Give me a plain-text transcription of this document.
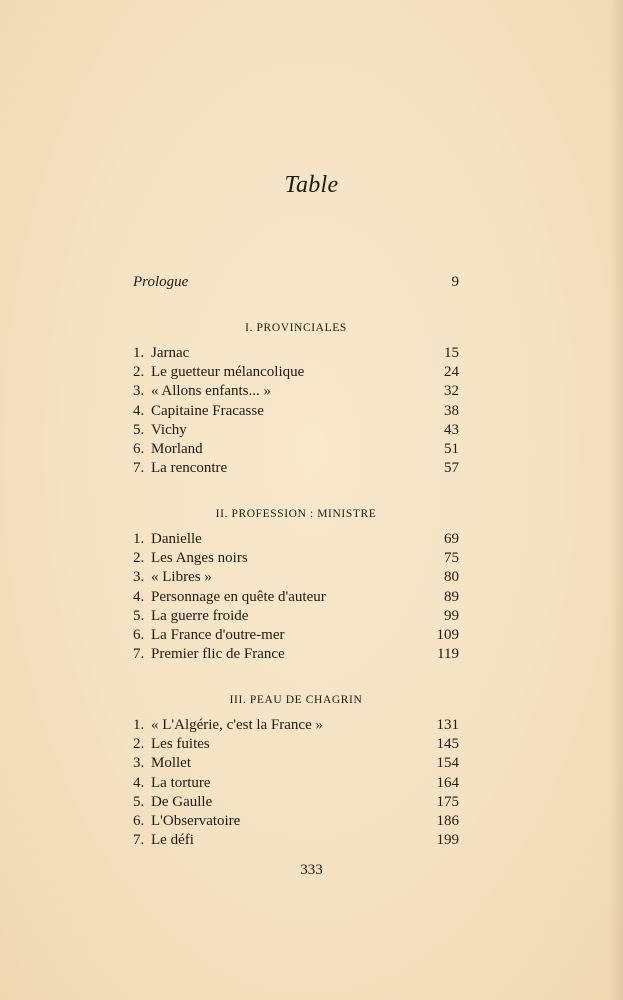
Table
Prologue	9
I. PROVINCIALES
1. Jarnac	15
2. Le guetteur mélancolique	24
3. « Allons enfants... »	32
4. Capitaine Fracasse	38
5. Vichy	43
6. Morland	51
7. La rencontre	57
II. PROFESSION : MINISTRE
1. Danielle	69
2. Les Anges noirs	75
3. « Libres »	80
4. Personnage en quête d'auteur	89
5. La guerre froide	99
6. La France d'outre-mer	109
7. Premier flic de France	119
III. PEAU DE CHAGRIN
1. « L'Algérie, c'est la France »	131
2. Les fuites	145
3. Mollet	154
4. La torture	164
5. De Gaulle	175
6. L'Observatoire	186
7. Le défi	199
333
